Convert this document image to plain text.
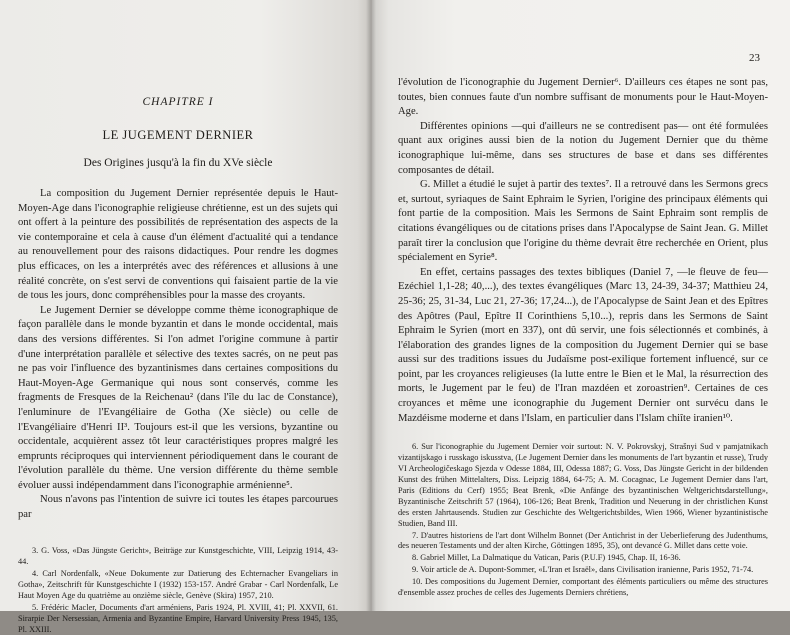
CHAPITRE I
LE JUGEMENT DERNIER
Des Origines jusqu'à la fin du XVe siècle

La composition du Jugement Dernier représentée depuis le Haut-Moyen-Age dans l'iconographie religieuse chrétienne, est un des sujets qui ont offert à la peinture des possibilités de représentation des aspects de la vie contemporaine et cela à cause d'un élément d'actualité qui a tendance au renouvellement pour des raisons didactiques. Pour rendre les dogmes plus efficaces, on les a interprétés avec des références et allusions à une réalité concrète, on s'est servi de conventions qui faisaient partie de la vie de tous les jours, donc compréhensibles pour la masse des croyants.

Le Jugement Dernier se développe comme thème iconographique de façon parallèle dans le monde byzantin et dans le monde occidental, mais dans des versions différentes. Si l'on admet l'origine commune à partir d'une interprétation parallèle et sélective des textes sacrés, on ne peut pas ne pas voir l'influence des byzantinismes dans certaines compositions du Haut-Moyen-Age Germanique qui nous sont conservés, comme les fragments de Fresques de la Reichenau² (dans l'île du lac de Constance), l'enluminure de l'Evangéliaire de Gotha (Xe siècle) ou celle de l'Evangéliaire d'Henri II³. Toujours est-il que les versions, byzantine ou occidentale, acquièrent assez tôt leur caractéristiques propres malgré les emprunts réciproques qui interviennent périodiquement dans le courant de l'évolution parallèle du thème. Une version différente du thème semble évoluer aussi indépendamment dans l'iconographie arménienne⁵.

Nous n'avons pas l'intention de suivre ici toutes les étapes parcourues par

3. G. Voss, «Das Jüngste Gericht», Beiträge zur Kunstgeschichte, VIII, Leipzig 1914, 43-44.

4. Carl Nordenfalk, «Neue Dokumente zur Datierung des Echternacher Evangeliars in Gotha», Zeitschrift für Kunstgeschichte I (1932) 153-157. André Grabar - Carl Nordenfalk, Le Haut Moyen Age du quatrième au onzième siècle, Genève (Skira) 1957, 210.

5. Frédéric Macler, Documents d'art arméniens, Paris 1924, Pl. XVIII, 41; Pl. XXVII, 61. Sirarpie Der Nersessian, Armenia and Byzantine Empire, Harvard University Press 1945, 135, Pl. XXIII.

23

l'évolution de l'iconographie du Jugement Dernier⁶. D'ailleurs ces étapes ne sont pas, toutes, bien connues faute d'un nombre suffisant de monuments pour le Haut-Moyen-Age.

Différentes opinions —qui d'ailleurs ne se contredisent pas— ont été formulées quant aux origines aussi bien de la notion du Jugement Dernier que du thème iconographique lui-même, dans ses structures de base et dans ses différentes composantes de détail.

G. Millet a étudié le sujet à partir des textes⁷. Il a retrouvé dans les Sermons grecs et, surtout, syriaques de Saint Ephraim le Syrien, l'origine des principaux éléments qui font partie de la composition. Mais les Sermons de Saint Ephraim sont remplis de citations évangéliques ou de citations prises dans l'Apocalypse de Saint Jean. G. Millet paraît tirer la conclusion que l'origine du thème devrait être recherchée en Orient, plus spécialement en Syrie⁸.

En effet, certains passages des textes bibliques (Daniel 7, —le fleuve de feu— Ezéchiel 1,1-28; 40,...), des textes évangéliques (Marc 13, 24-39, 34-37; Matthieu 24, 25-36; 25, 31-34, Luc 21, 27-36; 17,24...), de l'Apocalypse de Saint Jean et des Epîtres des Apôtres (Paul, Epître II Corinthiens 5,10...), repris dans les Sermons de Saint Ephraim le Syrien (mort en 337), ont dû servir, une fois sélectionnés et combinés, à l'élaboration des grandes lignes de la composition du Jugement Dernier qui se base aussi sur des traditions issues du Judaïsme post-exilique fortement influencé, sur ce point, par les croyances religieuses (la lutte entre le Bien et le Mal, la résurrection des morts, le Jugement par le feu) de l'Iran mazdéen et zoroastrien⁹. Certaines de ces croyances et même une iconographie du Jugement Dernier ont survécu dans le Mazdéisme moderne et dans l'Islam, en particulier dans l'Islam chiîte iranien¹⁰.

6. Sur l'iconographie du Jugement Dernier voir surtout: N. V. Pokrovskyj, Strašnyi Sud v pamjatnikach vizantijskago i russkago iskusstva, (Le Jugement Dernier dans les monuments de l'art byzantin et russe), Trudy VI Archeologičeskago Sjezda v Odesse 1884, III, Odessa 1887; G. Voss, Das Jüngste Gericht in der bildenden Kunst des frühen Mittelalters, Diss. Leipzig 1884, 64-75; A. M. Cocagnac, Le Jugement Dernier dans l'art, Paris (Editions du Cerf) 1955; Beat Brenk, «Die Anfänge des byzantinischen Weltgerichtsdarstellung», Byzantinische Zeitschrift 57 (1964), 106-126; Beat Brenk, Tradition und Neuerung in der christlichen Kunst des ersten Jahrtausends. Studien zur Geschichte des Weltgerichtsbildes, Wien 1966, Wiener byzantinistische Studien, Band III.

7. D'autres historiens de l'art dont Wilhelm Bonnet (Der Antichrist in der Ueberlieferung des Judenthums, des neueren Testaments und der alten Kirche, Göttingen 1895, 35), ont devancé G. Millet dans cette voie.

8. Gabriel Millet, La Dalmatique du Vatican, Paris (P.U.F) 1945, Chap. II, 16-36.

9. Voir article de A. Dupont-Sommer, «L'Iran et Israël», dans Civilisation iranienne, Paris 1952, 71-74.

10. Des compositions du Jugement Dernier, comportant des éléments particuliers ou même des structures d'ensemble assez proches de celles des Jugements Derniers chrétiens,
